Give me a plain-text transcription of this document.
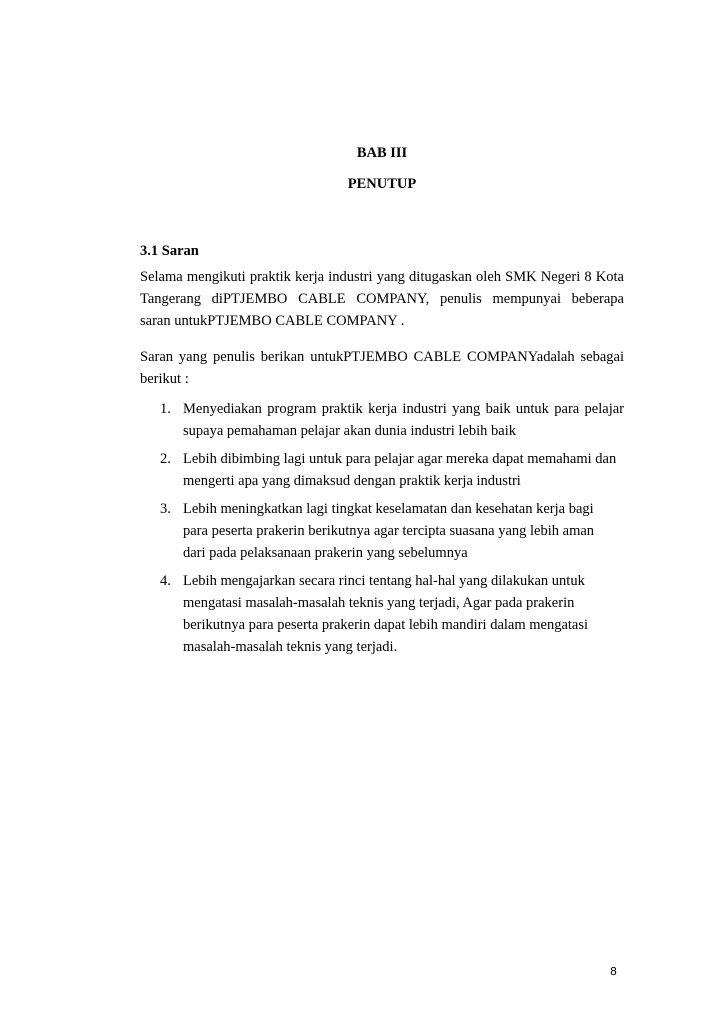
BAB III
PENUTUP
3.1 Saran
Selama mengikuti praktik kerja industri yang ditugaskan oleh SMK Negeri 8 Kota
Tangerang diPTJEMBO CABLE COMPANY, penulis mempunyai beberapa
saran untukPTJEMBO CABLE COMPANY .
Saran yang penulis berikan untukPTJEMBO CABLE COMPANYadalah sebagai
berikut :
1. Menyediakan program praktik kerja industri yang baik untuk para pelajar
supaya pemahaman pelajar akan dunia industri lebih baik
2. Lebih dibimbing lagi untuk para pelajar agar mereka dapat memahami dan
mengerti apa yang dimaksud dengan praktik kerja industri
3. Lebih meningkatkan lagi tingkat keselamatan dan kesehatan kerja bagi
para peserta prakerin berikutnya agar tercipta suasana yang lebih aman
dari pada pelaksanaan prakerin yang sebelumnya
4. Lebih mengajarkan secara rinci tentang hal-hal yang dilakukan untuk
mengatasi masalah-masalah teknis yang terjadi, Agar pada prakerin
berikutnya para peserta prakerin dapat lebih mandiri dalam mengatasi
masalah-masalah teknis yang terjadi.
8
